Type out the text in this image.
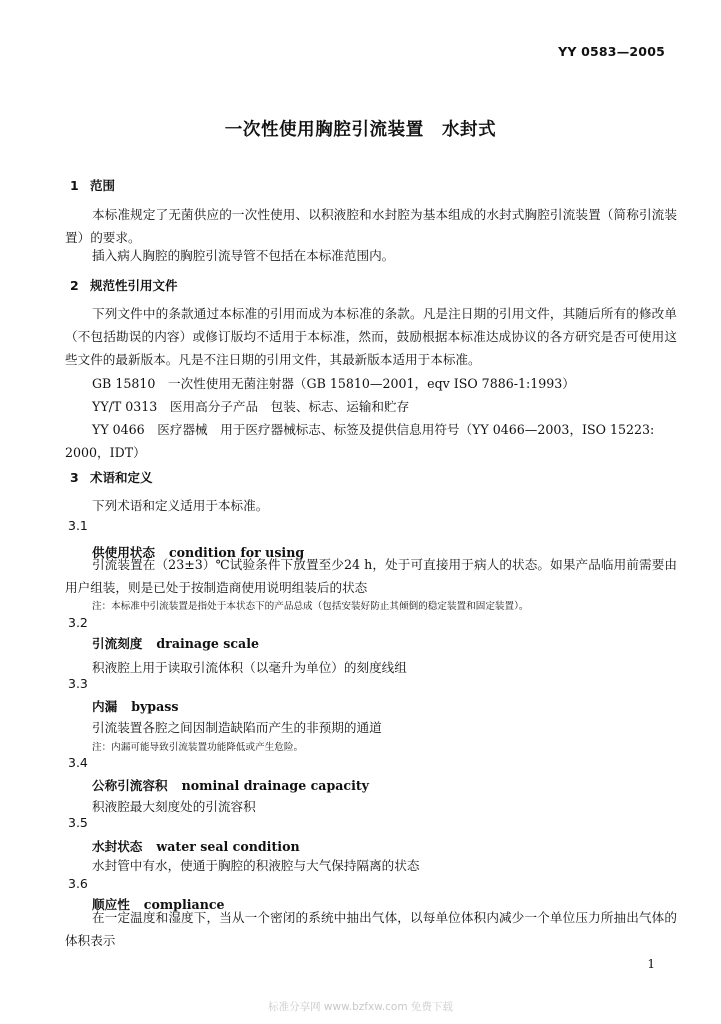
YY 0583—2005
一次性使用胸腔引流装置　水封式
1 范围
本标准规定了无菌供应的一次性使用、以积液腔和水封腔为基本组成的水封式胸腔引流装置（简称引流装置）的要求。
插入病人胸腔的胸腔引流导管不包括在本标准范围内。
2 规范性引用文件
下列文件中的条款通过本标准的引用而成为本标准的条款。凡是注日期的引用文件，其随后所有的修改单（不包括勘误的内容）或修订版均不适用于本标准，然而，鼓励根据本标准达成协议的各方研究是否可使用这些文件的最新版本。凡是不注日期的引用文件，其最新版本适用于本标准。
GB 15810　一次性使用无菌注射器（GB 15810—2001，eqv ISO 7886-1:1993）
YY/T 0313　医用高分子产品　包装、标志、运输和贮存
YY 0466　医疗器械　用于医疗器械标志、标签及提供信息用符号（YY 0466—2003，ISO 15223:
2000，IDT）
3 术语和定义
下列术语和定义适用于本标准。
3.1
供使用状态 condition for using
引流装置在（23±3）℃试验条件下放置至少24 h，处于可直接用于病人的状态。如果产品临用前需要由用户组装，则是已处于按制造商使用说明组装后的状态
注：本标准中引流装置是指处于本状态下的产品总成（包括安装好防止其倾倒的稳定装置和固定装置）。
3.2
引流刻度 drainage scale
积液腔上用于读取引流体积（以毫升为单位）的刻度线组
3.3
内漏 bypass
引流装置各腔之间因制造缺陷而产生的非预期的通道
注：内漏可能导致引流装置功能降低或产生危险。
3.4
公称引流容积 nominal drainage capacity
积液腔最大刻度处的引流容积
3.5
水封状态 water seal condition
水封管中有水，使通于胸腔的积液腔与大气保持隔离的状态
3.6
顺应性 compliance
在一定温度和湿度下，当从一个密闭的系统中抽出气体，以每单位体积内减少一个单位压力所抽出气体的体积表示
1
标准分享网 www.bzfxw.com 免费下载
